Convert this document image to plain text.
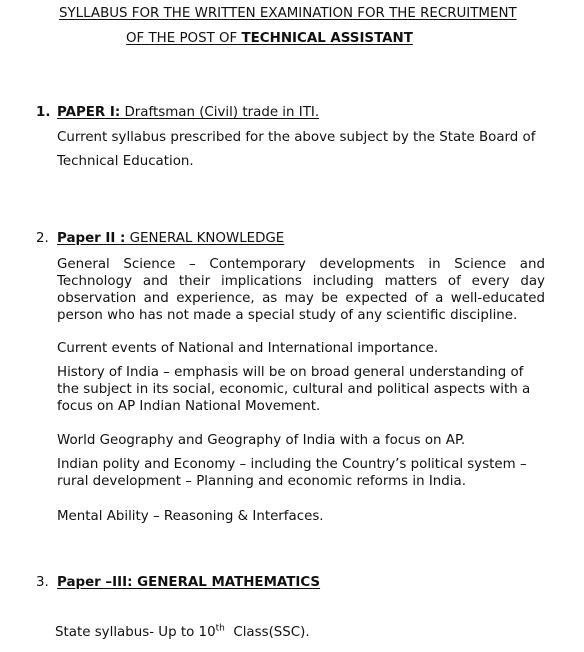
SYLLABUS FOR THE WRITTEN EXAMINATION FOR THE RECRUITMENT
OF THE POST OF TECHNICAL ASSISTANT
1. PAPER I: Draftsman (Civil) trade in ITI.

Current syllabus prescribed for the above subject by the State Board of Technical Education.

2. Paper II : GENERAL KNOWLEDGE

General Science – Contemporary developments in Science and Technology and their implications including matters of every day observation and experience, as may be expected of a well-educated person who has not made a special study of any scientific discipline.

Current events of National and International importance.

History of India – emphasis will be on broad general understanding of the subject in its social, economic, cultural and political aspects with a focus on AP Indian National Movement.

World Geography and Geography of India with a focus on AP.

Indian polity and Economy – including the Country’s political system – rural development – Planning and economic reforms in India.

Mental Ability – Reasoning & Interfaces.

3. Paper –III: GENERAL MATHEMATICS

State syllabus- Up to 10th  Class(SSC).
